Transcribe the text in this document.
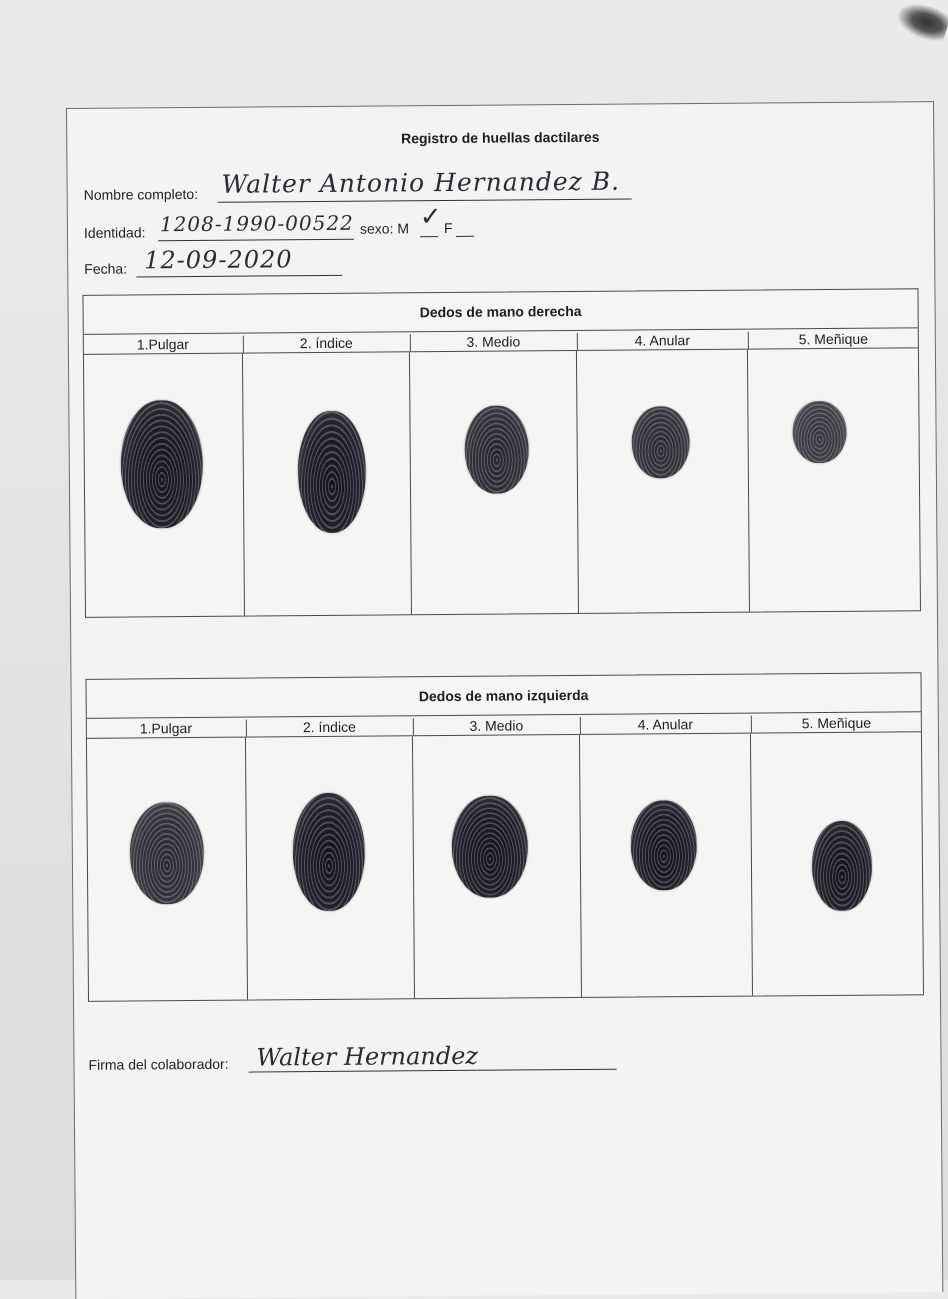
Registro de huellas dactilares
Nombre completo: Walter Antonio Hernandez B.
Identidad: 1208-1990-00522 sexo: M ✓ F
Fecha: 12-09-2020
Dedos de mano derecha
1.Pulgar	2. índice	3. Medio	4. Anular	5. Meñique
Dedos de mano izquierda
1.Pulgar	2. índice	3. Medio	4. Anular	5. Meñique
Firma del colaborador: Walter Hernandez
